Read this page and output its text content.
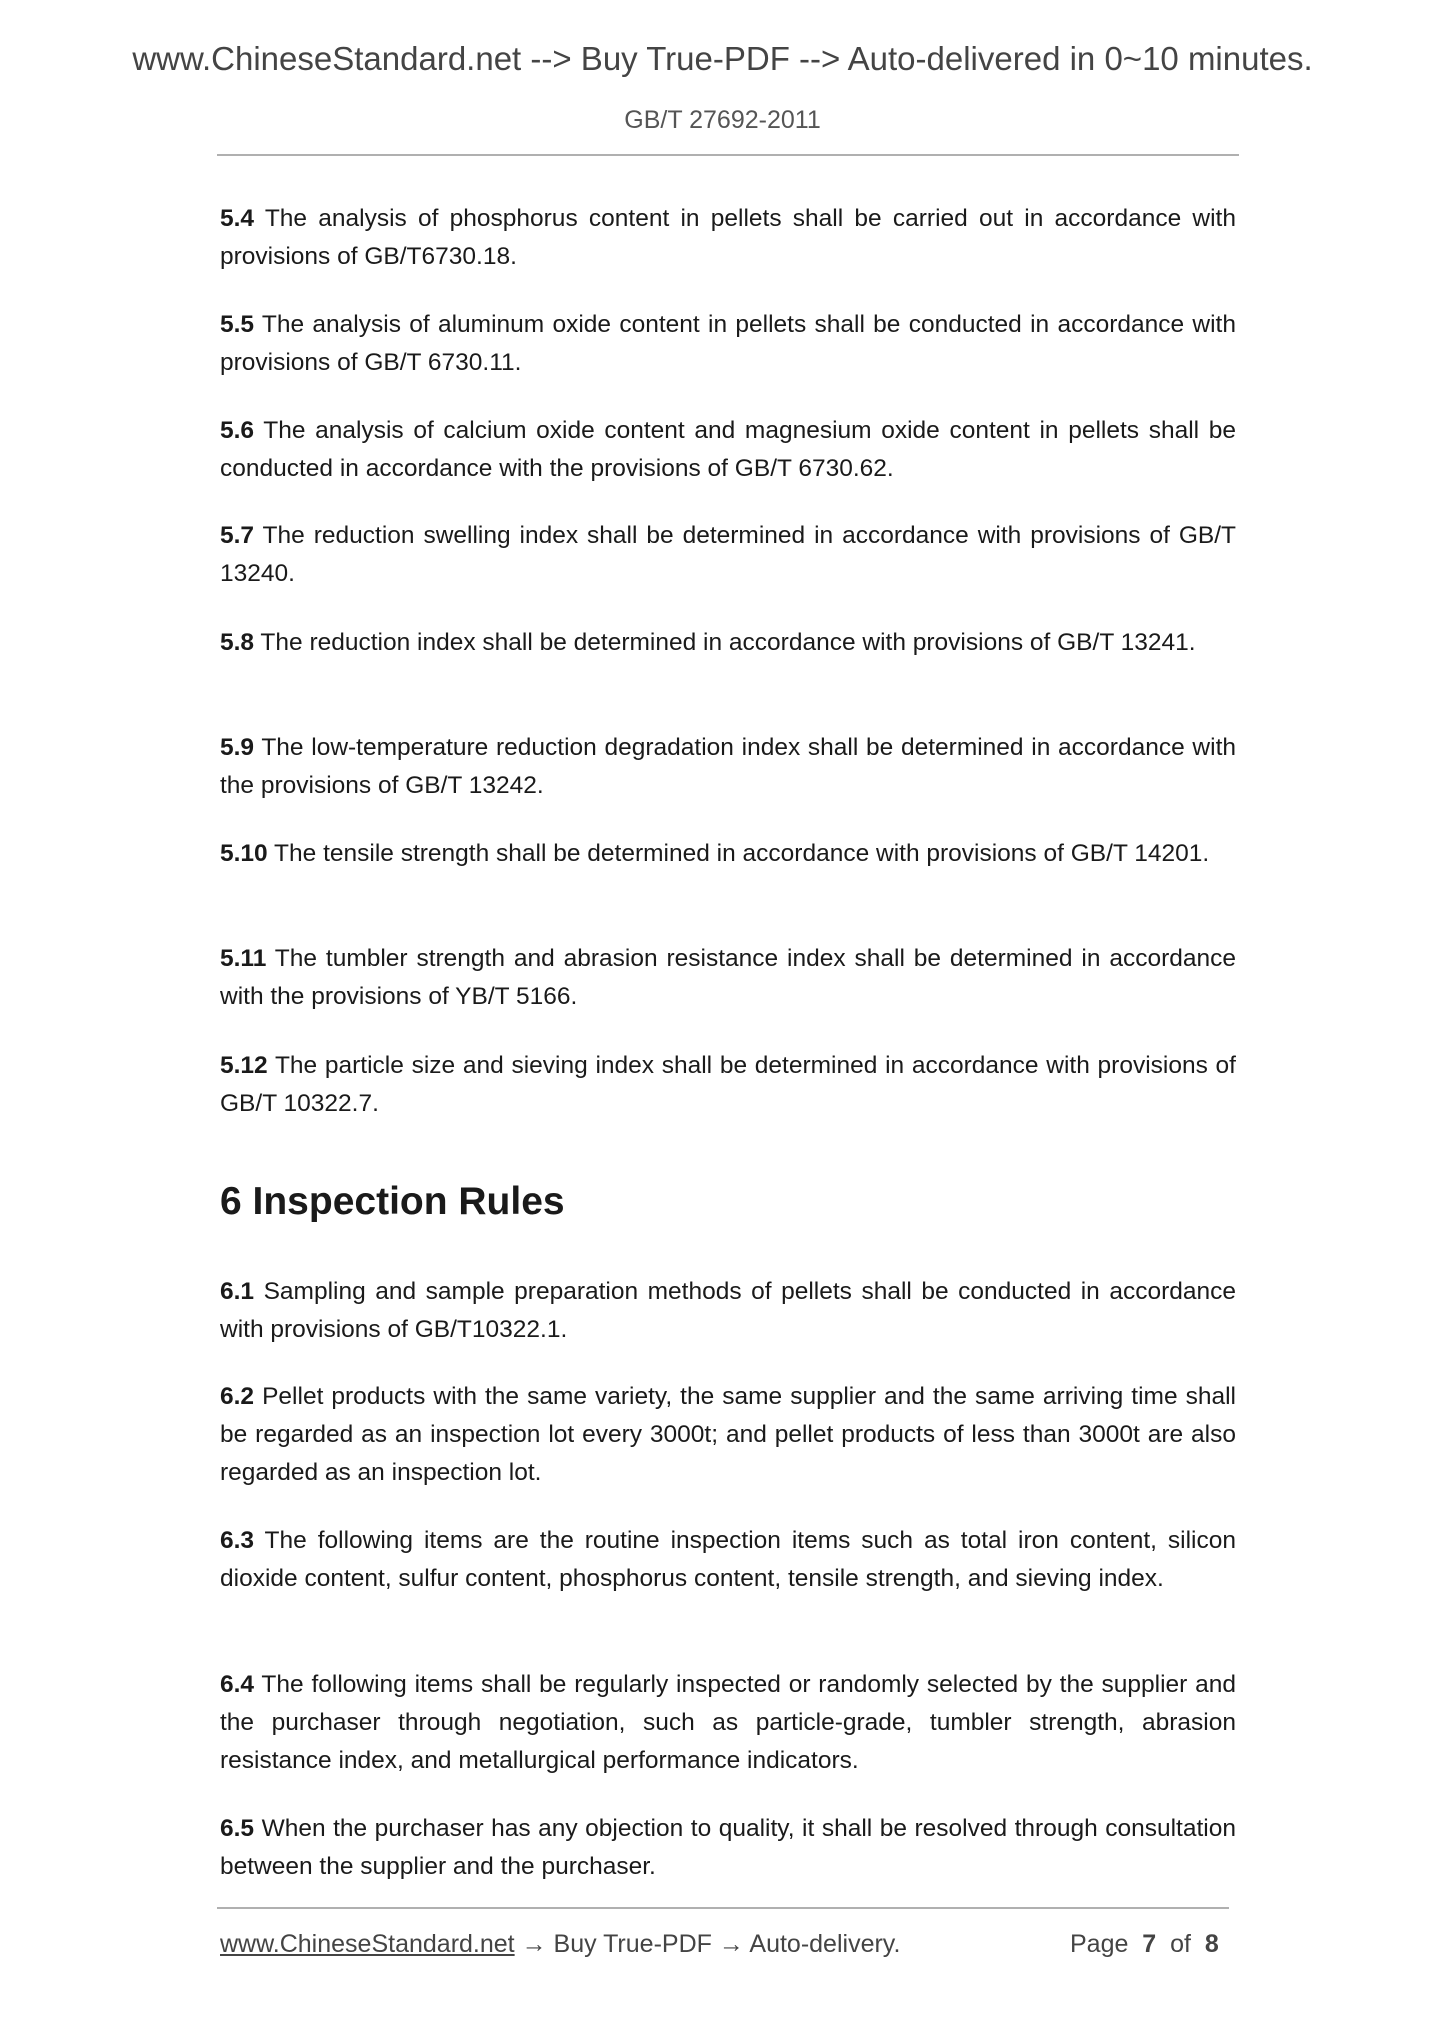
www.ChineseStandard.net --> Buy True-PDF --> Auto-delivered in 0~10 minutes.
GB/T 27692-2011
5.4 The analysis of phosphorus content in pellets shall be carried out in accordance with provisions of GB/T6730.18.
5.5 The analysis of aluminum oxide content in pellets shall be conducted in accordance with provisions of GB/T 6730.11.
5.6 The analysis of calcium oxide content and magnesium oxide content in pellets shall be conducted in accordance with the provisions of GB/T 6730.62.
5.7 The reduction swelling index shall be determined in accordance with provisions of GB/T 13240.
5.8 The reduction index shall be determined in accordance with provisions of GB/T 13241.
5.9 The low-temperature reduction degradation index shall be determined in accordance with the provisions of GB/T 13242.
5.10 The tensile strength shall be determined in accordance with provisions of GB/T 14201.
5.11 The tumbler strength and abrasion resistance index shall be determined in accordance with the provisions of YB/T 5166.
5.12 The particle size and sieving index shall be determined in accordance with provisions of GB/T 10322.7.
6 Inspection Rules
6.1 Sampling and sample preparation methods of pellets shall be conducted in accordance with provisions of GB/T10322.1.
6.2 Pellet products with the same variety, the same supplier and the same arriving time shall be regarded as an inspection lot every 3000t; and pellet products of less than 3000t are also regarded as an inspection lot.
6.3 The following items are the routine inspection items such as total iron content, silicon dioxide content, sulfur content, phosphorus content, tensile strength, and sieving index.
6.4 The following items shall be regularly inspected or randomly selected by the supplier and the purchaser through negotiation, such as particle-grade, tumbler strength, abrasion resistance index, and metallurgical performance indicators.
6.5 When the purchaser has any objection to quality, it shall be resolved through consultation between the supplier and the purchaser.
www.ChineseStandard.net → Buy True-PDF → Auto-delivery.	Page 7 of 8
